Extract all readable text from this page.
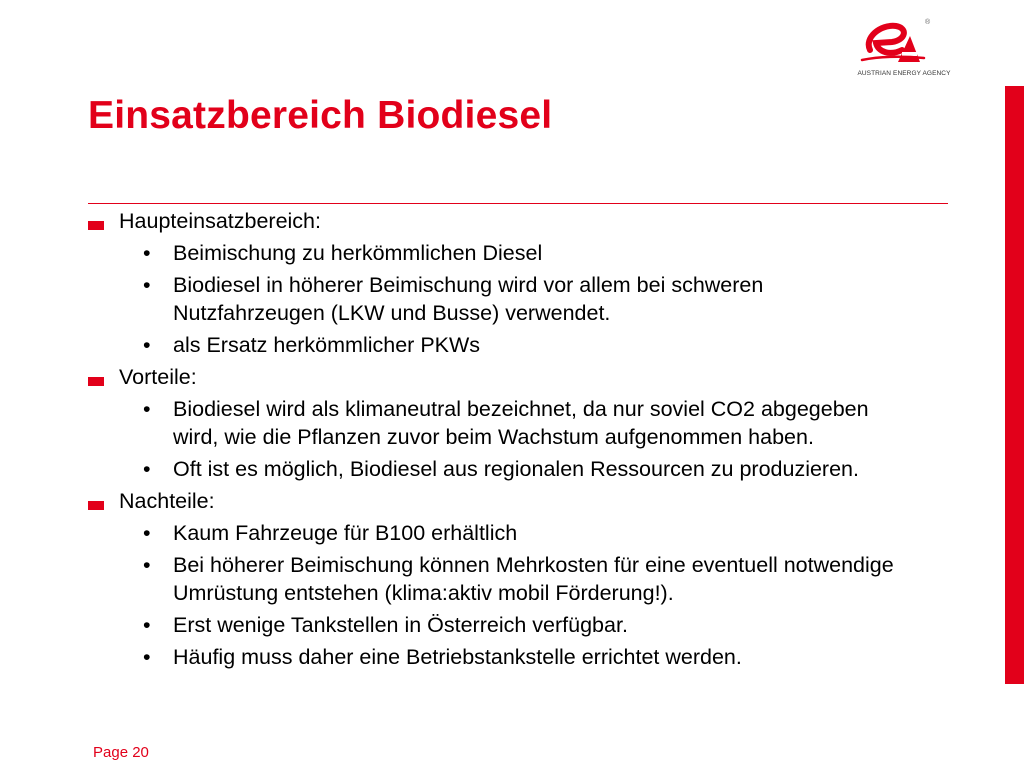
®
AUSTRIAN ENERGY AGENCY
Einsatzbereich Biodiesel
Haupteinsatzbereich:
• Beimischung zu herkömmlichen Diesel
• Biodiesel in höherer Beimischung wird vor allem bei schweren Nutzfahrzeugen (LKW und Busse) verwendet.
• als Ersatz herkömmlicher PKWs
Vorteile:
• Biodiesel wird als klimaneutral bezeichnet, da nur soviel CO2 abgegeben wird, wie die Pflanzen zuvor beim Wachstum aufgenommen haben.
• Oft ist es möglich, Biodiesel aus regionalen Ressourcen zu produzieren.
Nachteile:
• Kaum Fahrzeuge für B100 erhältlich
• Bei höherer Beimischung können Mehrkosten für eine eventuell notwendige Umrüstung entstehen (klima:aktiv mobil Förderung!).
• Erst wenige Tankstellen in Österreich verfügbar.
• Häufig muss daher eine Betriebstankstelle errichtet werden.
Page 20
